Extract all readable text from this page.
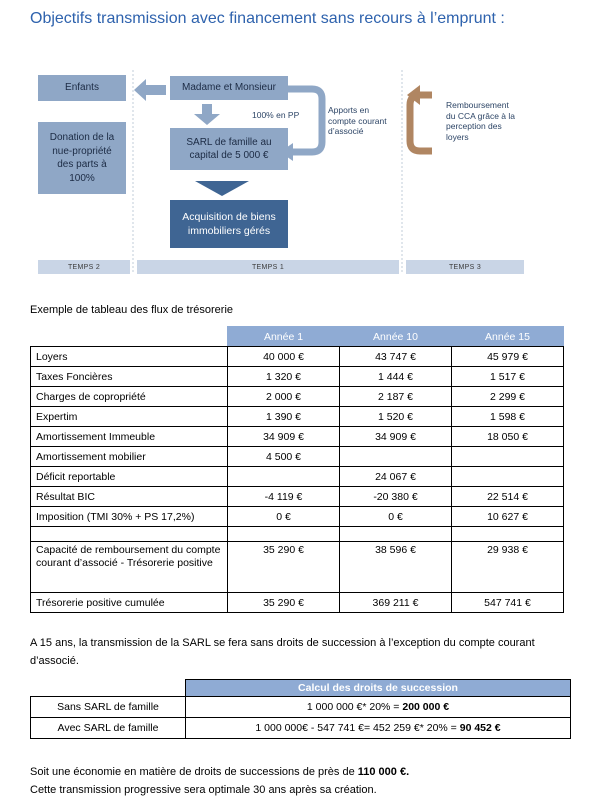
Objectifs transmission avec financement sans recours à l’emprunt :
Enfants
Donation de la nue-propriété des parts à 100%
Madame et Monsieur
100% en PP
SARL de famille au capital de 5 000 €
Acquisition de biens immobiliers gérés
Apports en compte courant d’associé
Remboursement du CCA grâce à la perception des loyers
TEMPS 2	TEMPS 1	TEMPS 3
Exemple de tableau des flux de trésorerie
	Année 1	Année 10	Année 15
Loyers	40 000 €	43 747 €	45 979 €
Taxes Foncières	1 320 €	1 444 €	1 517 €
Charges de copropriété	2 000 €	2 187 €	2 299 €
Expertim	1 390 €	1 520 €	1 598 €
Amortissement Immeuble	34 909 €	34 909 €	18 050 €
Amortissement mobilier	4 500 €		
Déficit reportable		24 067 €	
Résultat BIC	-4 119 €	-20 380 €	22 514 €
Imposition (TMI 30% + PS 17,2%)	0 €	0 €	10 627 €

Capacité de remboursement du compte courant d’associé - Trésorerie positive	35 290 €	38 596 €	29 938 €
Trésorerie positive cumulée	35 290 €	369 211 €	547 741 €
A 15 ans, la transmission de la SARL se fera sans droits de succession à l’exception du compte courant d’associé.
	Calcul des droits de succession
Sans SARL de famille	1 000 000 €* 20% = 200 000 €
Avec SARL de famille	1 000 000€ - 547 741 €= 452 259 €* 20% = 90 452 €
Soit une économie en matière de droits de successions de près de 110 000 €.
Cette transmission progressive sera optimale 30 ans après sa création.
